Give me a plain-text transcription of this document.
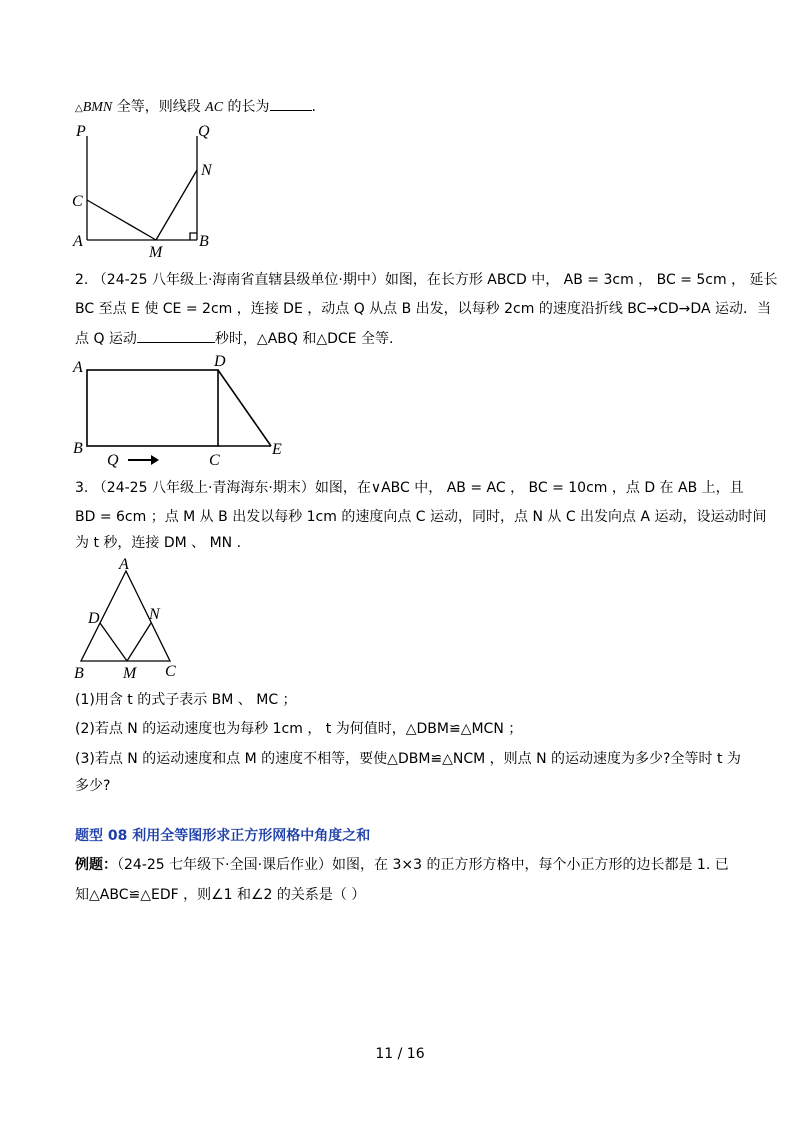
△BMN 全等，则线段 AC 的长为	.
P	Q
N
C
A
M
B
2. （24-25 八年级上·海南省直辖县级单位·期中）如图，在长方形 ABCD 中， AB = 3cm ， BC = 5cm ， 延长
BC 至点 E 使 CE = 2cm ，连接 DE ，动点 Q 从点 B 出发，以每秒 2cm 的速度沿折线 BC→CD→DA 运动．当
点 Q 运动	秒时，△ABQ 和△DCE 全等.
A	D
B
C
E
Q
3. （24-25 八年级上·青海海东·期末）如图，在∨ABC 中， AB = AC ， BC = 10cm ，点 D 在 AB 上，且
BD = 6cm ；点 M 从 B 出发以每秒 1cm 的速度向点 C 运动，同时，点 N 从 C 出发向点 A 运动，设运动时间
为 t 秒，连接 DM 、 MN .
A
D	N
B M C
(1)用含 t 的式子表示 BM 、 MC ；
(2)若点 N 的运动速度也为每秒 1cm ， t 为何值时，△DBM≌△MCN ；
(3)若点 N 的运动速度和点 M 的速度不相等，要使△DBM≌△NCM ，则点 N 的运动速度为多少?全等时 t 为
多少?
题型 08 利用全等图形求正方形网格中角度之和
例题：（24-25 七年级下·全国·课后作业）如图，在 3×3 的正方形方格中，每个小正方形的边长都是 1. 已
知△ABC≌△EDF ，则∠1 和∠2 的关系是（ ）
11 / 16
